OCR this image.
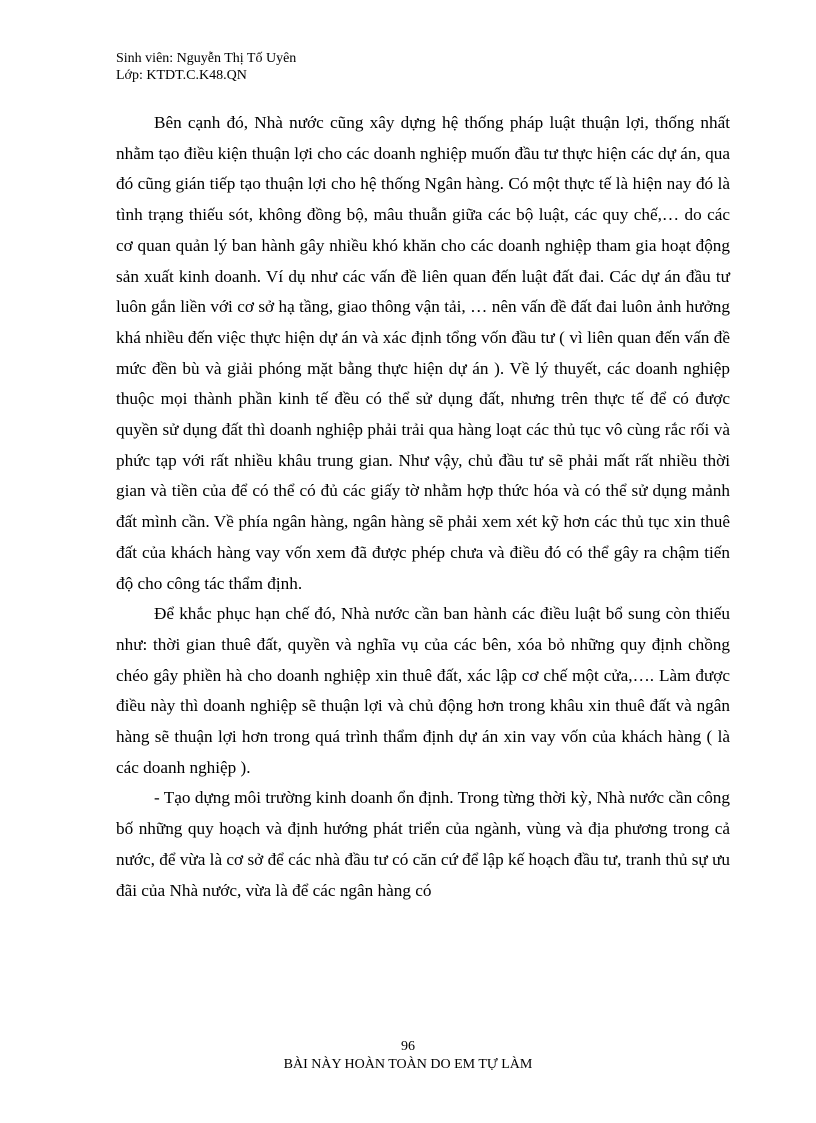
Sinh viên: Nguyễn Thị Tố Uyên
Lớp: KTDT.C.K48.QN

Bên cạnh đó, Nhà nước cũng xây dựng hệ thống pháp luật thuận lợi, thống nhất nhằm tạo điều kiện thuận lợi cho các doanh nghiệp muốn đầu tư thực hiện các dự án, qua đó cũng gián tiếp tạo thuận lợi cho hệ thống Ngân hàng. Có một thực tế là hiện nay đó là tình trạng thiếu sót, không đồng bộ, mâu thuẫn giữa các bộ luật, các quy chế,… do các cơ quan quản lý ban hành gây nhiều khó khăn cho các doanh nghiệp tham gia hoạt động sản xuất kinh doanh. Ví dụ như các vấn đề liên quan đến luật đất đai. Các dự án đầu tư luôn gắn liền với cơ sở hạ tầng, giao thông vận tải, … nên vấn đề đất đai luôn ảnh hưởng khá nhiều đến việc thực hiện dự án và xác định tổng vốn đầu tư ( vì liên quan đến vấn đề mức đền bù và giải phóng mặt bằng thực hiện dự án ). Về lý thuyết, các doanh nghiệp thuộc mọi thành phần kinh tế đều có thể sử dụng đất, nhưng trên thực tế để có được quyền sử dụng đất thì doanh nghiệp phải trải qua hàng loạt các thủ tục vô cùng rắc rối và phức tạp với rất nhiều khâu trung gian. Như vậy, chủ đầu tư sẽ phải mất rất nhiều thời gian và tiền của để có thể có đủ các giấy tờ nhằm hợp thức hóa và có thể sử dụng mảnh đất mình cần. Về phía ngân hàng, ngân hàng sẽ phải xem xét kỹ hơn các thủ tục xin thuê đất của khách hàng vay vốn xem đã được phép chưa và điều đó có thể gây ra chậm tiến độ cho công tác thẩm định.

Để khắc phục hạn chế đó, Nhà nước cần ban hành các điều luật bổ sung còn thiếu như: thời gian thuê đất, quyền và nghĩa vụ của các bên, xóa bỏ những quy định chồng chéo gây phiền hà cho doanh nghiệp xin thuê đất, xác lập cơ chế một cửa,…. Làm được điều này thì doanh nghiệp sẽ thuận lợi và chủ động hơn trong khâu xin thuê đất và ngân hàng sẽ thuận lợi hơn trong quá trình thẩm định dự án xin vay vốn của khách hàng ( là các doanh nghiệp ).

- Tạo dựng môi trường kinh doanh ổn định. Trong từng thời kỳ, Nhà nước cần công bố những quy hoạch và định hướng phát triển của ngành, vùng và địa phương trong cả nước, để vừa là cơ sở để các nhà đầu tư có căn cứ để lập kế hoạch đầu tư, tranh thủ sự ưu đãi của Nhà nước, vừa là để các ngân hàng có

96
BÀI NÀY HOÀN TOÀN DO EM TỰ LÀM
